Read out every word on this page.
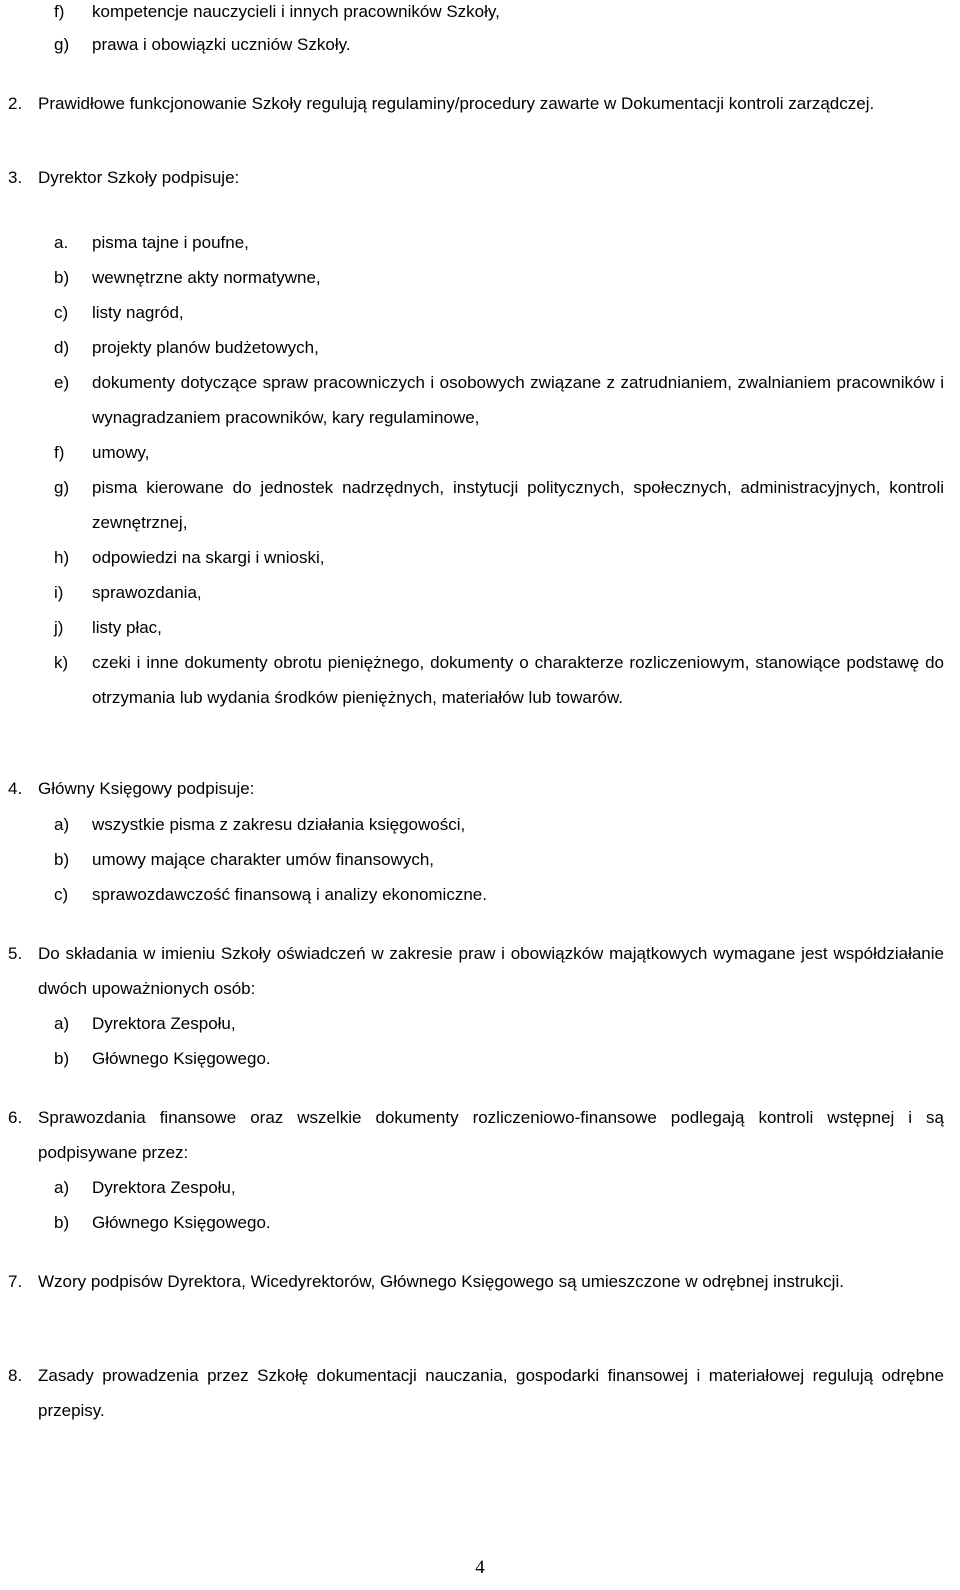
f) kompetencje nauczycieli i innych pracowników Szkoły,
g) prawa i obowiązki uczniów Szkoły.
2. Prawidłowe funkcjonowanie Szkoły regulują regulaminy/procedury zawarte w Dokumentacji kontroli zarządczej.
3. Dyrektor Szkoły podpisuje:
a. pisma tajne i poufne,
b) wewnętrzne akty normatywne,
c) listy nagród,
d) projekty planów budżetowych,
e) dokumenty dotyczące spraw pracowniczych i osobowych związane z zatrudnianiem, zwalnianiem pracowników i wynagradzaniem pracowników, kary regulaminowe,
f) umowy,
g) pisma kierowane do jednostek nadrzędnych, instytucji politycznych, społecznych, administracyjnych, kontroli zewnętrznej,
h) odpowiedzi na skargi i wnioski,
i) sprawozdania,
j) listy płac,
k) czeki i inne dokumenty obrotu pieniężnego, dokumenty o charakterze rozliczeniowym, stanowiące podstawę do otrzymania lub wydania środków pieniężnych, materiałów lub towarów.
4. Główny Księgowy podpisuje:
a) wszystkie pisma z zakresu działania księgowości,
b) umowy mające charakter umów finansowych,
c) sprawozdawczość finansową i analizy ekonomiczne.
5. Do składania w imieniu Szkoły oświadczeń w zakresie praw i obowiązków majątkowych wymagane jest współdziałanie dwóch upoważnionych osób:
a) Dyrektora Zespołu,
b) Głównego Księgowego.
6. Sprawozdania finansowe oraz wszelkie dokumenty rozliczeniowo-finansowe podlegają kontroli wstępnej i są podpisywane przez:
a) Dyrektora Zespołu,
b) Głównego Księgowego.
7. Wzory podpisów Dyrektora, Wicedyrektorów, Głównego Księgowego są umieszczone w odrębnej instrukcji.
8. Zasady prowadzenia przez Szkołę dokumentacji nauczania, gospodarki finansowej i materiałowej regulują odrębne przepisy.
4
